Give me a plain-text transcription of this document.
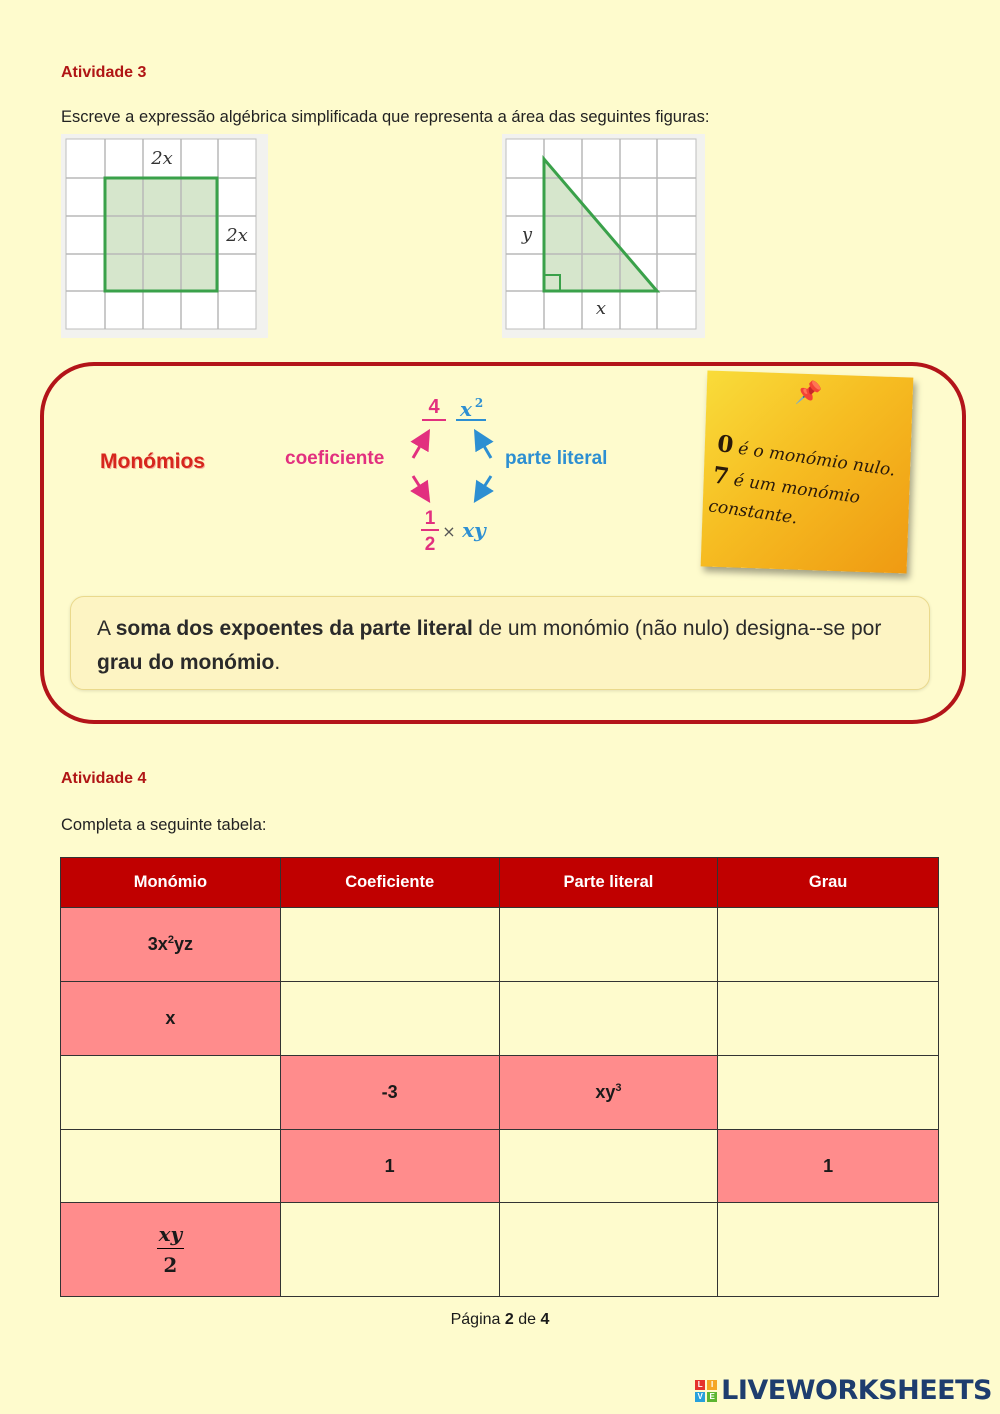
Atividade 3
Escreve a expressão algébrica simplificada que representa a área das seguintes figuras:
2x
2x	y
x
Monómios	coeficiente	parte literal
4 x 2
1
2
× xy
📌
0 é o monómio nulo.
7 é um monómio constante.

A soma dos expoentes da parte literal de um monómio (não nulo) designa--se por grau do monómio.

Atividade 4
Completa a seguinte tabela:
Monómio	Coeficiente	Parte literal	Grau
$3x^2yz$			
x			
	-3	$xy^3$	
	1		1

$\frac{xy}{2}$

Página 2 de 4
L	I
V E LIVEWORKSHEETS
